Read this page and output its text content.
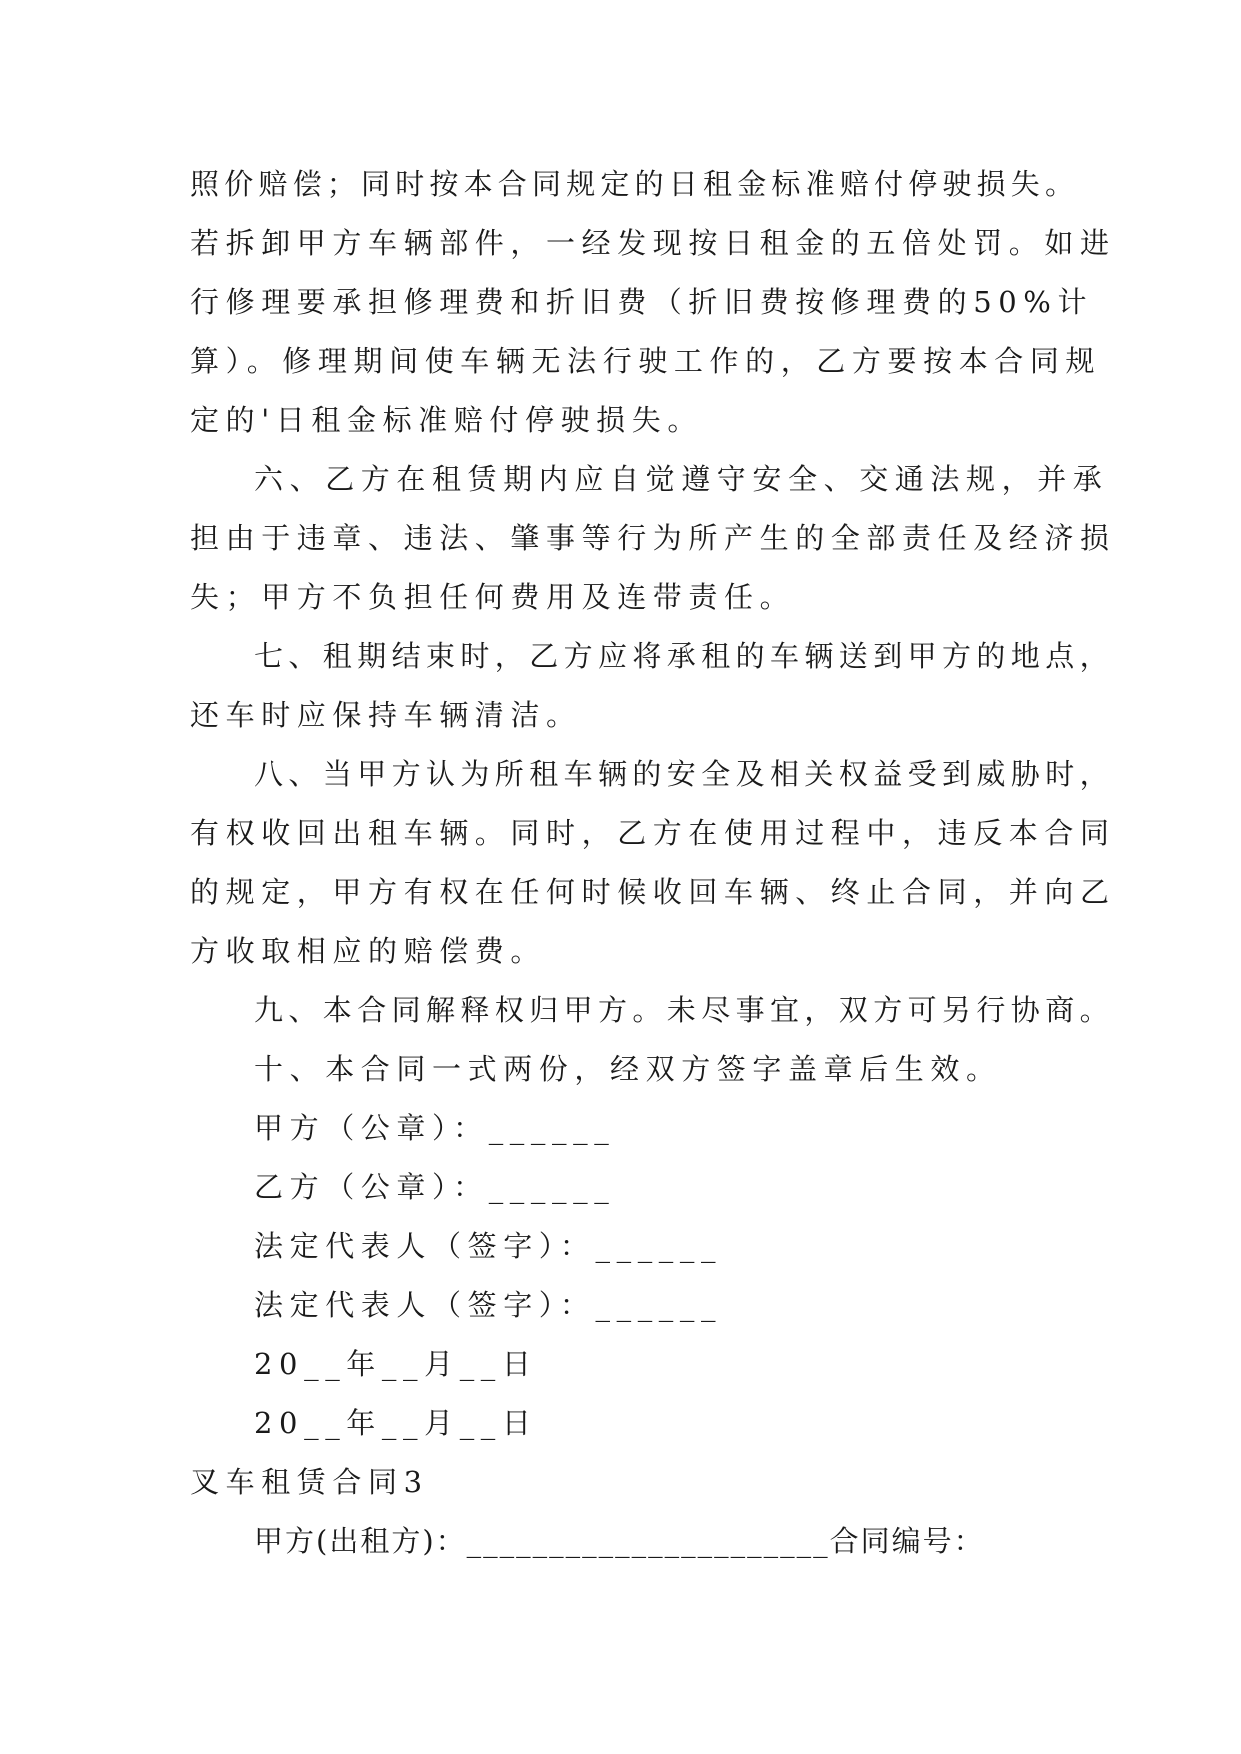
照价赔偿；同时按本合同规定的日租金标准赔付停驶损失。
若拆卸甲方车辆部件，一经发现按日租金的五倍处罚。如进
行修理要承担修理费和折旧费（折旧费按修理费的50%计
算）。修理期间使车辆无法行驶工作的，乙方要按本合同规
定的'日租金标准赔付停驶损失。
六、乙方在租赁期内应自觉遵守安全、交通法规，并承
担由于违章、违法、肇事等行为所产生的全部责任及经济损
失；甲方不负担任何费用及连带责任。
七、租期结束时，乙方应将承租的车辆送到甲方的地点，
还车时应保持车辆清洁。
八、当甲方认为所租车辆的安全及相关权益受到威胁时，
有权收回出租车辆。同时，乙方在使用过程中，违反本合同
的规定，甲方有权在任何时候收回车辆、终止合同，并向乙
方收取相应的赔偿费。
九、本合同解释权归甲方。未尽事宜，双方可另行协商。
十、本合同一式两份，经双方签字盖章后生效。
甲方（公章）：______
乙方（公章）：______
法定代表人（签字）：______
法定代表人（签字）：______
20__年__月__日
20__年__月__日
叉车租赁合同3
甲方(出租方)：______________________合同编号：
